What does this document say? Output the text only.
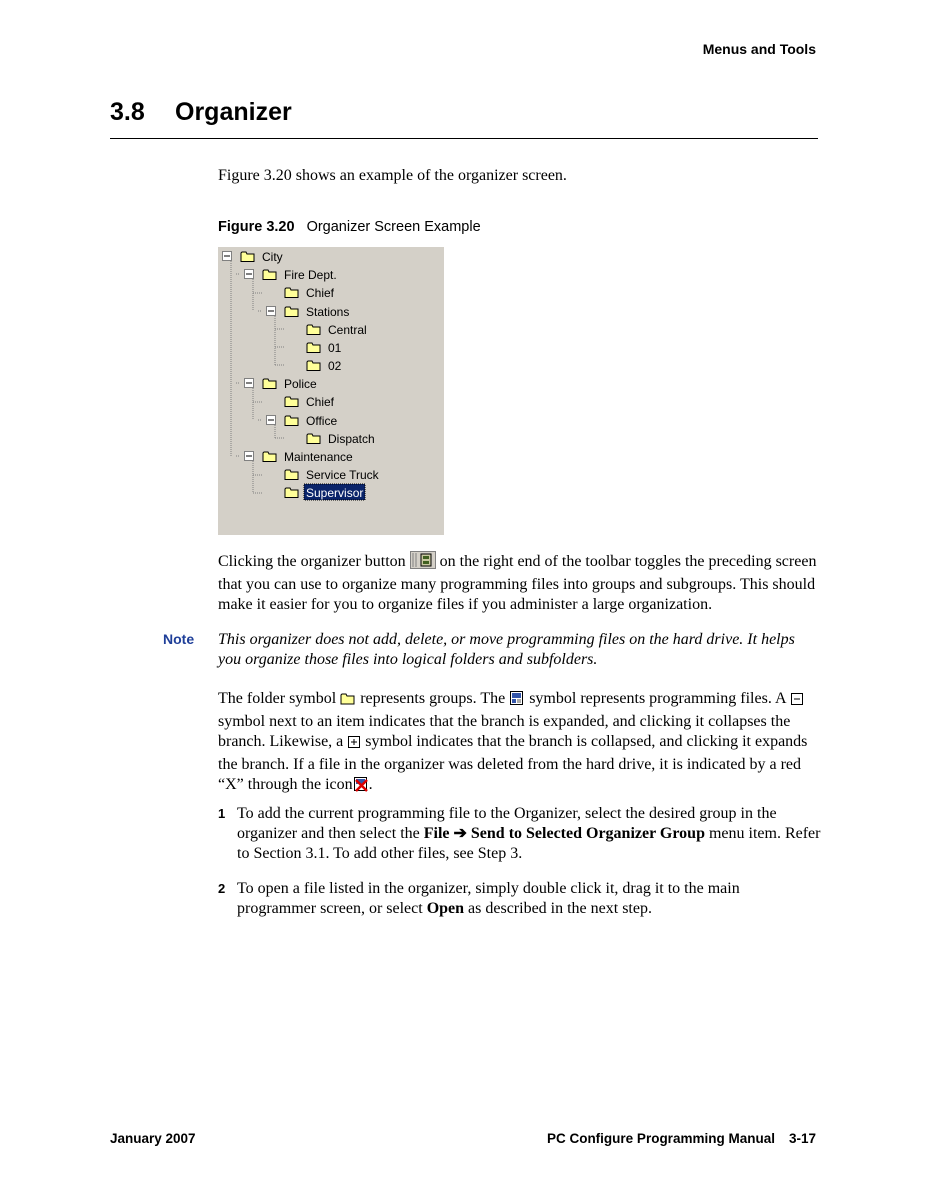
Menus and Tools
3.8 Organizer
Figure 3.20 shows an example of the organizer screen.
Figure 3.20 Organizer Screen Example
City
Fire Dept.
Chief
Stations
Central
01
02
Police
Chief
Office
Dispatch
Maintenance
Service Truck
Supervisor
Clicking the organizer button on the right end of the toolbar toggles the preceding screen that you can use to organize many programming files into groups and subgroups. This should make it easier for you to organize files if you administer a large organization.
Note This organizer does not add, delete, or move programming files on the hard drive. It helps you organize those files into logical folders and subfolders.
The folder symbol represents groups. The symbol represents programming files. A  symbol next to an item indicates that the branch is expanded, and clicking it collapses the branch. Likewise, a symbol indicates that the branch is collapsed, and clicking it expands the branch. If a file in the organizer was deleted from the hard drive, it is indicated by a red “X” through the icon .
1 To add the current programming file to the Organizer, select the desired group in the organizer and then select the File ➔ Send to Selected Organizer Group menu item. Refer to Section 3.1. To add other files, see Step 3.
2 To open a file listed in the organizer, simply double click it, drag it to the main programmer screen, or select Open as described in the next step.
January 2007	PC Configure Programming Manual 3-17
